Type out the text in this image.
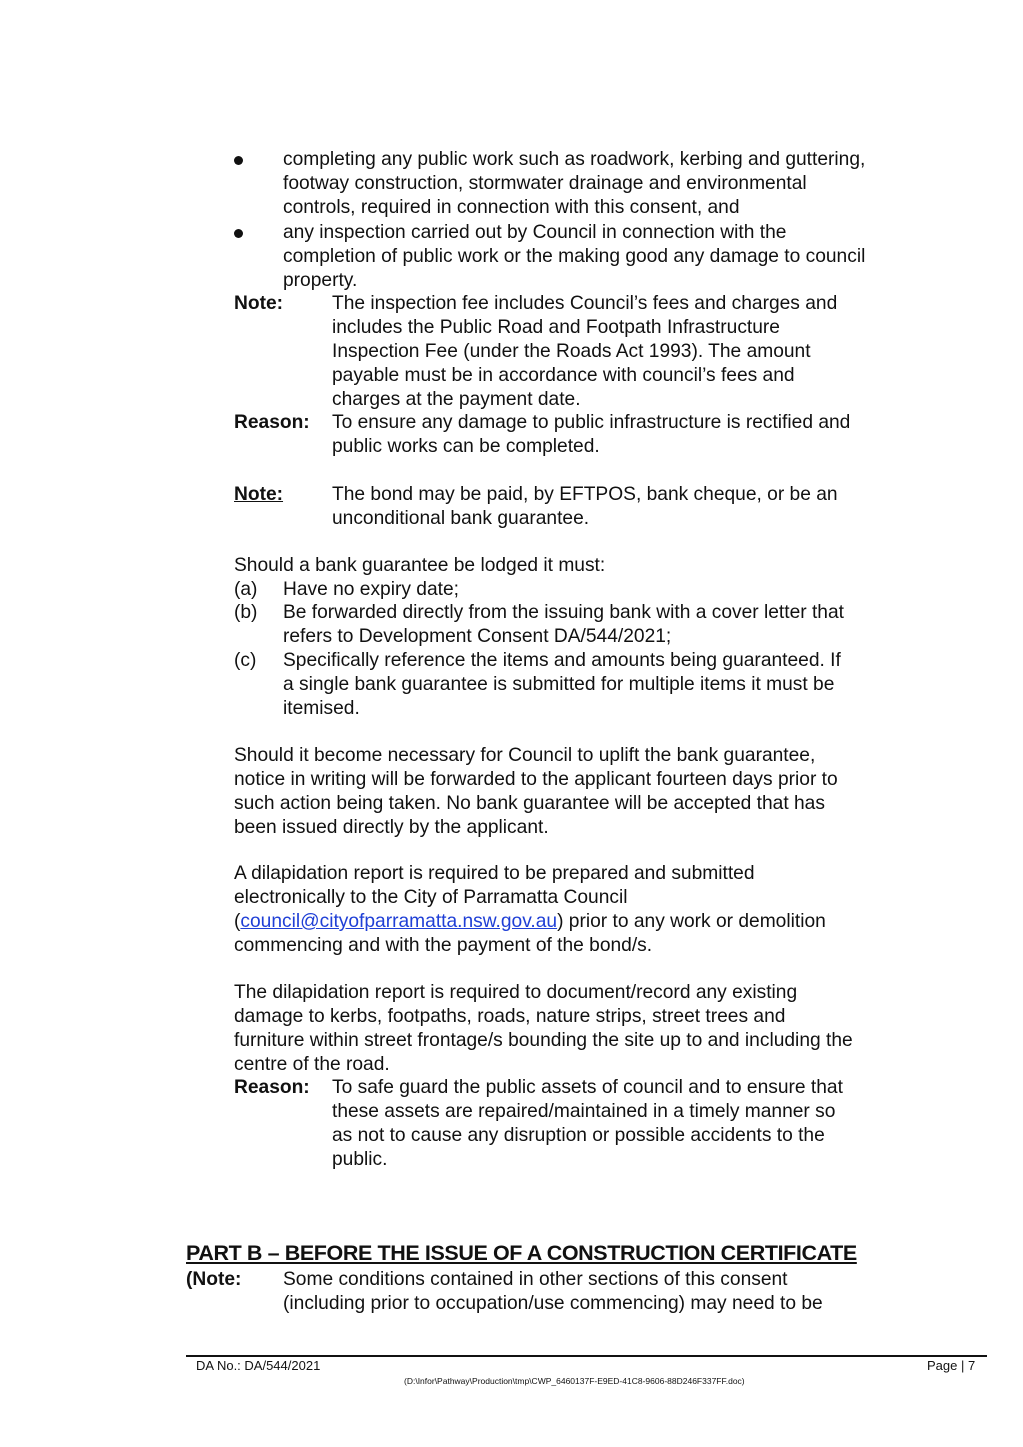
completing any public work such as roadwork, kerbing and guttering,
footway construction, stormwater drainage and environmental
controls, required in connection with this consent, and
any inspection carried out by Council in connection with the
completion of public work or the making good any damage to council
property.
Note:	The inspection fee includes Council’s fees and charges and
includes the Public Road and Footpath Infrastructure
Inspection Fee (under the Roads Act 1993). The amount
payable must be in accordance with council’s fees and
charges at the payment date.
Reason: To ensure any damage to public infrastructure is rectified and
public works can be completed.
Note:	The bond may be paid, by EFTPOS, bank cheque, or be an
unconditional bank guarantee.
Should a bank guarantee be lodged it must:
(a) Have no expiry date;
(b) Be forwarded directly from the issuing bank with a cover letter that
refers to Development Consent DA/544/2021;
(c) Specifically reference the items and amounts being guaranteed. If
a single bank guarantee is submitted for multiple items it must be
itemised.
Should it become necessary for Council to uplift the bank guarantee,
notice in writing will be forwarded to the applicant fourteen days prior to
such action being taken. No bank guarantee will be accepted that has
been issued directly by the applicant.
A dilapidation report is required to be prepared and submitted
electronically to the City of Parramatta Council
(council@cityofparramatta.nsw.gov.au) prior to any work or demolition
commencing and with the payment of the bond/s.
The dilapidation report is required to document/record any existing
damage to kerbs, footpaths, roads, nature strips, street trees and
furniture within street frontage/s bounding the site up to and including the
centre of the road.
Reason: To safe guard the public assets of council and to ensure that
these assets are repaired/maintained in a timely manner so
as not to cause any disruption or possible accidents to the
public.
PART B – BEFORE THE ISSUE OF A CONSTRUCTION CERTIFICATE
(Note: Some conditions contained in other sections of this consent
(including prior to occupation/use commencing) may need to be
DA No.: DA/544/2021	Page | 7
(D:\Infor\Pathway\Production\tmp\CWP_6460137F-E9ED-41C8-9606-88D246F337FF.doc)
